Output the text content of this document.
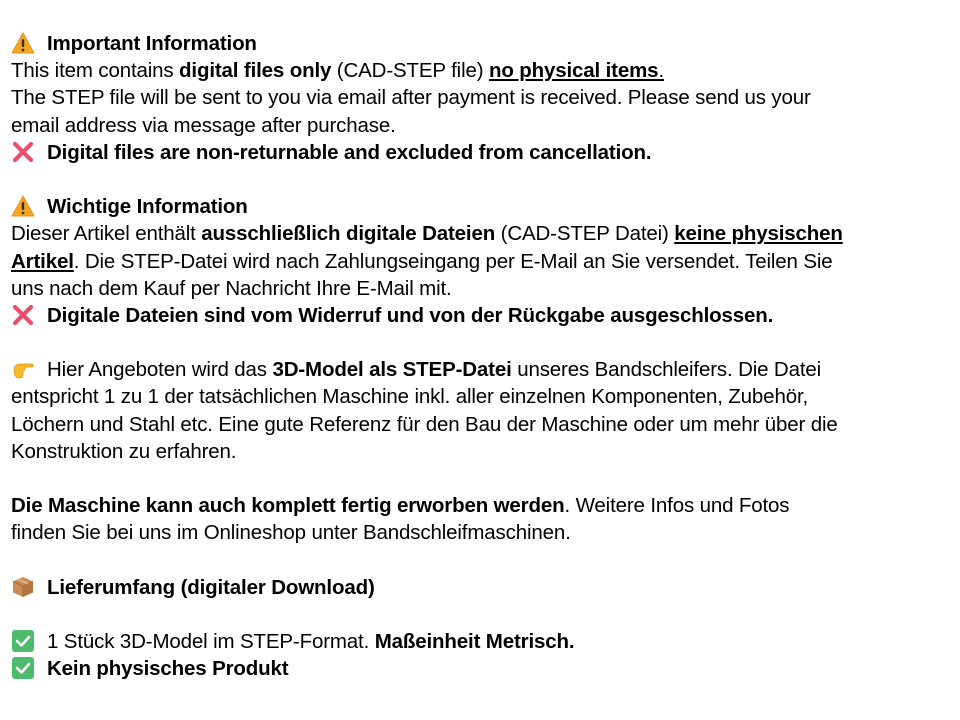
Important Information
This item contains digital files only (CAD-STEP file) no physical items.
The STEP file will be sent to you via email after payment is received. Please send us your
email address via message after purchase.
Digital files are non-returnable and excluded from cancellation.
Wichtige Information
Dieser Artikel enthält ausschließlich digitale Dateien (CAD-STEP Datei) keine physischen
Artikel. Die STEP-Datei wird nach Zahlungseingang per E-Mail an Sie versendet. Teilen Sie
uns nach dem Kauf per Nachricht Ihre E-Mail mit.
Digitale Dateien sind vom Widerruf und von der Rückgabe ausgeschlossen.
Hier Angeboten wird das 3D-Model als STEP-Datei unseres Bandschleifers. Die Datei
entspricht 1 zu 1 der tatsächlichen Maschine inkl. aller einzelnen Komponenten, Zubehör,
Löchern und Stahl etc. Eine gute Referenz für den Bau der Maschine oder um mehr über die
Konstruktion zu erfahren.
Die Maschine kann auch komplett fertig erworben werden. Weitere Infos und Fotos
finden Sie bei uns im Onlineshop unter Bandschleifmaschinen.
Lieferumfang (digitaler Download)
1 Stück 3D-Model im STEP-Format. Maßeinheit Metrisch.
Kein physisches Produkt
